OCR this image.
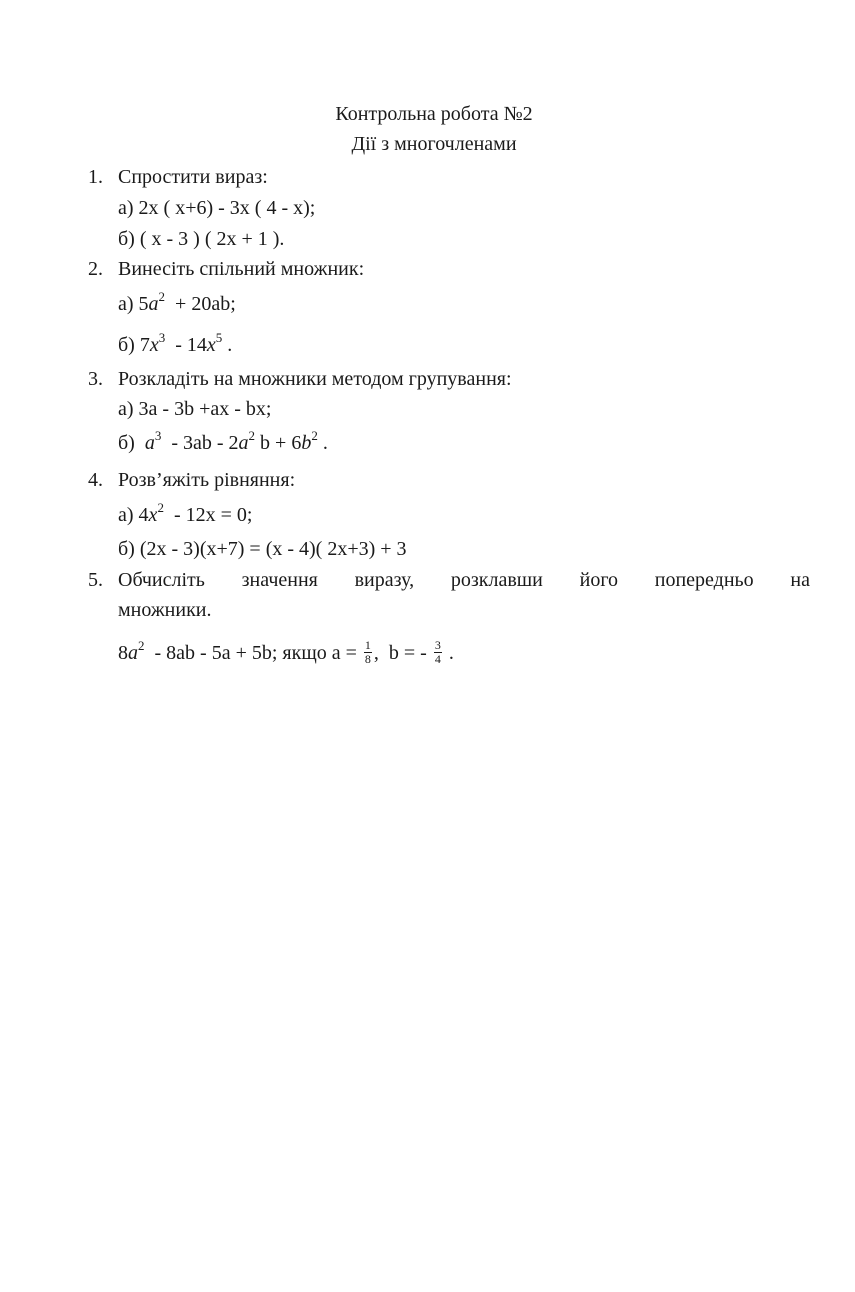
Контрольна робота №2
Дії з многочленами
1. Спростити вираз:
а) 2x ( x+6) - 3x ( 4 - x);
б) ( x - 3 ) ( 2x + 1 ).
2. Винесіть спільний множник:
а) $5a^2 + 20ab$;
б) $7x^3 - 14x^5$ .
3. Розкладіть на множники методом групування:
а) 3a - 3b +ax - bx;
б)  $a^3 - 3ab - 2a^2$ $b + 6b^2$ .
4. Розв’яжіть рівняння:
а) $4x^2 - 12x = 0$;
б) (2x - 3)(x+7) = (x - 4)( 2x+3) + 3
5. Обчисліть значення виразу, розклавши його попередньо на
множники.
$8a^2 - 8ab - 5a + 5b$; якщо $a = \frac{1}{8}$ ,  b = - $\frac{3}{4}$ .
